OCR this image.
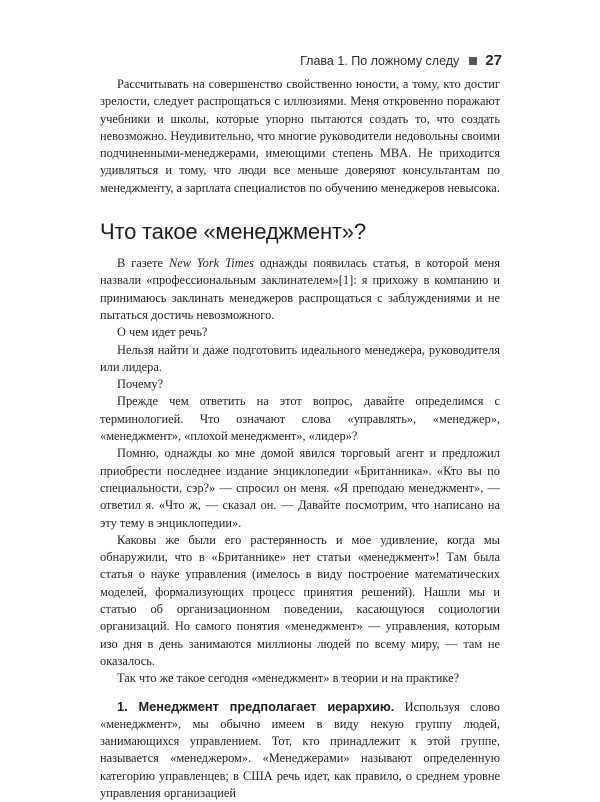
Глава 1. По ложному следу 27

Рассчитывать на совершенство свойственно юности, а тому, кто достиг зрелости, следует распрощаться с иллюзиями. Меня откровенно поражают учебники и школы, которые упорно пытаются создать то, что создать невозможно. Неудивительно, что многие руководители недовольны своими подчиненными-менеджерами, имеющими степень MBA. Не приходится удивляться и тому, что люди все меньше доверяют консультантам по менеджменту, а зарплата специалистов по обучению менеджеров невысока.

Что такое «менеджмент»?

В газете New York Times однажды появилась статья, в которой меня назвали «профессиональным заклинателем»[1]: я прихожу в компанию и принимаюсь заклинать менеджеров распрощаться с заблуждениями и не пытаться достичь невозможного.

О чем идет речь?

Нельзя найти и даже подготовить идеального менеджера, руководителя или лидера.

Почему?

Прежде чем ответить на этот вопрос, давайте определимся с терминологией. Что означают слова «управлять», «менеджер», «менеджмент», «плохой менеджмент», «лидер»?

Помню, однажды ко мне домой явился торговый агент и предложил приобрести последнее издание энциклопедии «Британника». «Кто вы по специальности, сэр?» — спросил он меня. «Я преподаю менеджмент», — ответил я. «Что ж, — сказал он. — Давайте посмотрим, что написано на эту тему в энциклопедии».

Каковы же были его растерянность и мое удивление, когда мы обнаружили, что в «Британнике» нет статьи «менеджмент»! Там была статья о науке управления (имелось в виду построение математических моделей, формализующих процесс принятия решений). Нашли мы и статью об организационном поведении, касающуюся социологии организаций. Но самого понятия «менеджмент» — управления, которым изо дня в день занимаются миллионы людей по всему миру, — там не оказалось.

Так что же такое сегодня «менеджмент» в теории и на практике?

1. Менеджмент предполагает иерархию. Используя слово «менеджмент», мы обычно имеем в виду некую группу людей, занимающихся управлением. Тот, кто принадлежит к этой группе, называется «менеджером». «Менеджерами» называют определенную категорию управленцев; в США речь идет, как правило, о среднем уровне управления организацией
